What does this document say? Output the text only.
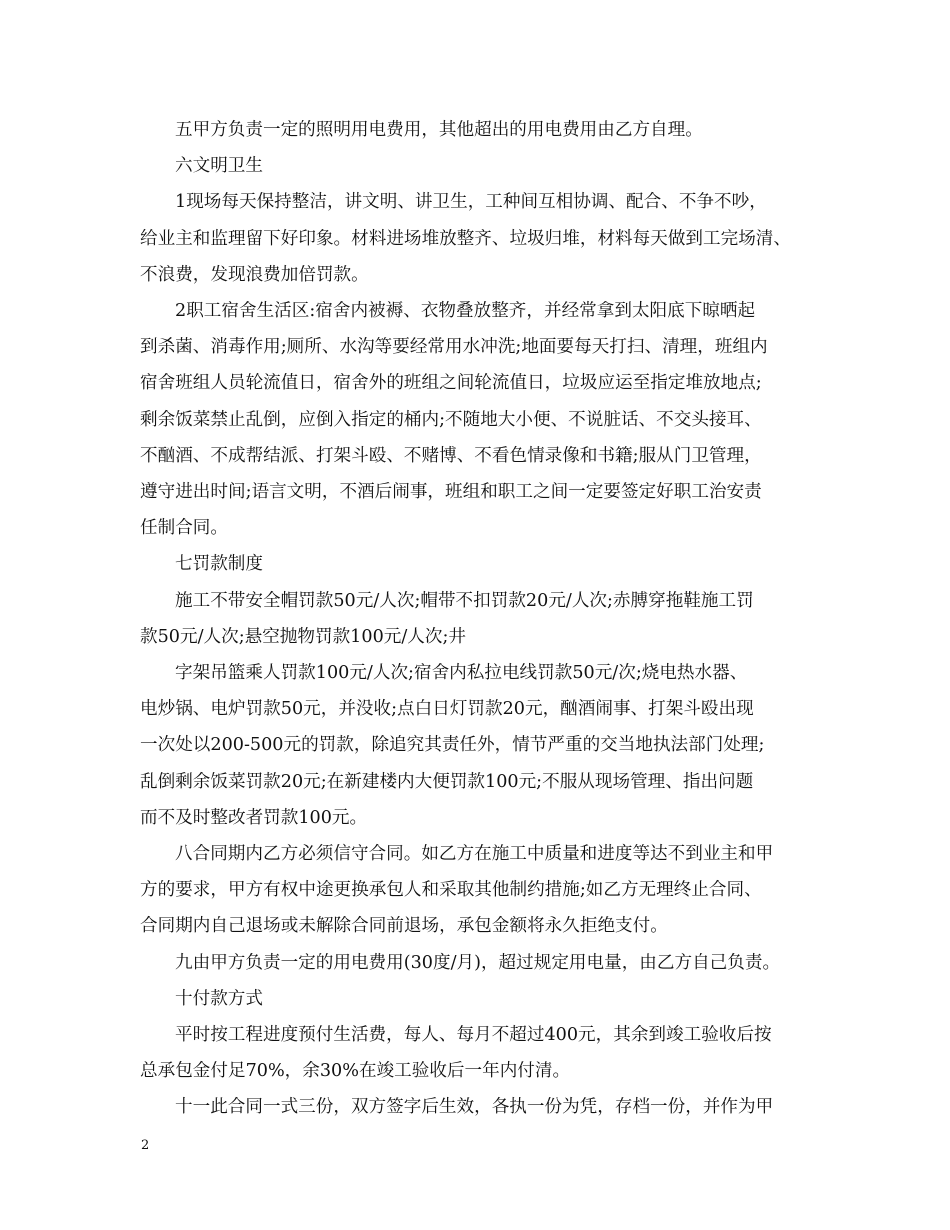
五甲方负责一定的照明用电费用，其他超出的用电费用由乙方自理。

六文明卫生

1现场每天保持整洁，讲文明、讲卫生，工种间互相协调、配合、不争不吵，
给业主和监理留下好印象。材料进场堆放整齐、垃圾归堆，材料每天做到工完场清、
不浪费，发现浪费加倍罚款。

2职工宿舍生活区:宿舍内被褥、衣物叠放整齐，并经常拿到太阳底下晾晒起
到杀菌、消毒作用;厕所、水沟等要经常用水冲洗;地面要每天打扫、清理，班组内
宿舍班组人员轮流值日，宿舍外的班组之间轮流值日，垃圾应运至指定堆放地点;
剩余饭菜禁止乱倒，应倒入指定的桶内;不随地大小便、不说脏话、不交头接耳、
不酗酒、不成帮结派、打架斗殴、不赌博、不看色情录像和书籍;服从门卫管理，
遵守进出时间;语言文明，不酒后闹事，班组和职工之间一定要签定好职工治安责
任制合同。

七罚款制度

施工不带安全帽罚款50元/人次;帽带不扣罚款20元/人次;赤膊穿拖鞋施工罚
款50元/人次;悬空抛物罚款100元/人次;井

字架吊篮乘人罚款100元/人次;宿舍内私拉电线罚款50元/次;烧电热水器、
电炒锅、电炉罚款50元，并没收;点白日灯罚款20元，酗酒闹事、打架斗殴出现
一次处以200-500元的罚款，除追究其责任外，情节严重的交当地执法部门处理;
乱倒剩余饭菜罚款20元;在新建楼内大便罚款100元;不服从现场管理、指出问题
而不及时整改者罚款100元。

八合同期内乙方必须信守合同。如乙方在施工中质量和进度等达不到业主和甲
方的要求，甲方有权中途更换承包人和采取其他制约措施;如乙方无理终止合同、
合同期内自己退场或未解除合同前退场，承包金额将永久拒绝支付。

九由甲方负责一定的用电费用(30度/月)，超过规定用电量，由乙方自己负责。

十付款方式

平时按工程进度预付生活费，每人、每月不超过400元，其余到竣工验收后按
总承包金付足70%，余30%在竣工验收后一年内付清。

十一此合同一式三份，双方签字后生效，各执一份为凭，存档一份，并作为甲

2
